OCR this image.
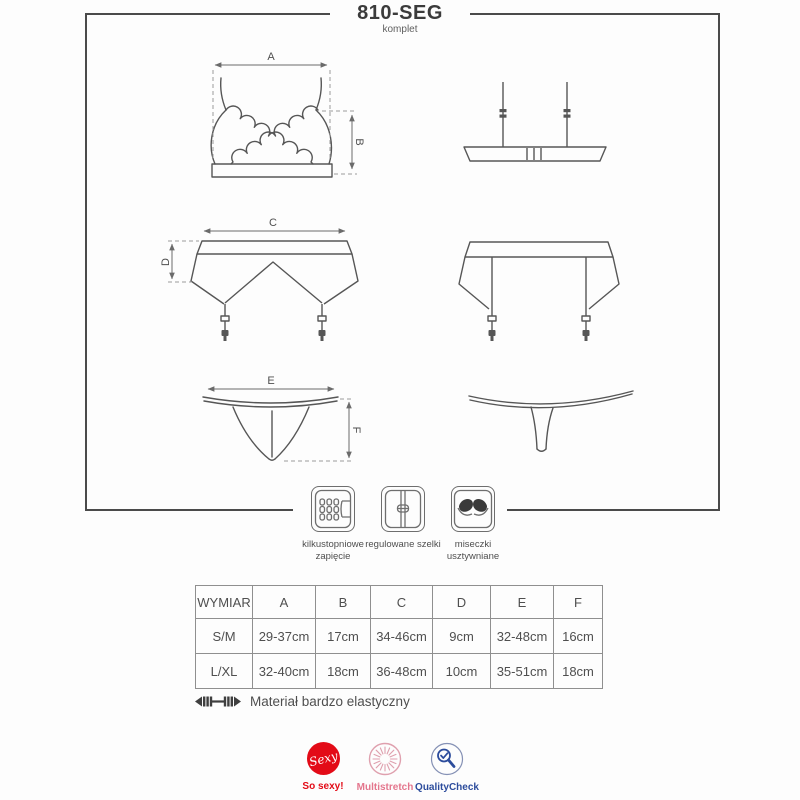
810-SEG
komplet
A
B
C
D
E
F
kilkustopniowe zapięcie
regulowane szelki	miseczki usztywniane
WYMIAR	A	B	C	D	E	F
S/M	29-37cm	17cm	34-46cm	9cm	32-48cm	16cm
L/XL	32-40cm	18cm	36-48cm	10cm	35-51cm	18cm
Materiał bardzo elastyczny
Sexy
So sexy! Multistretch QualityCheck
